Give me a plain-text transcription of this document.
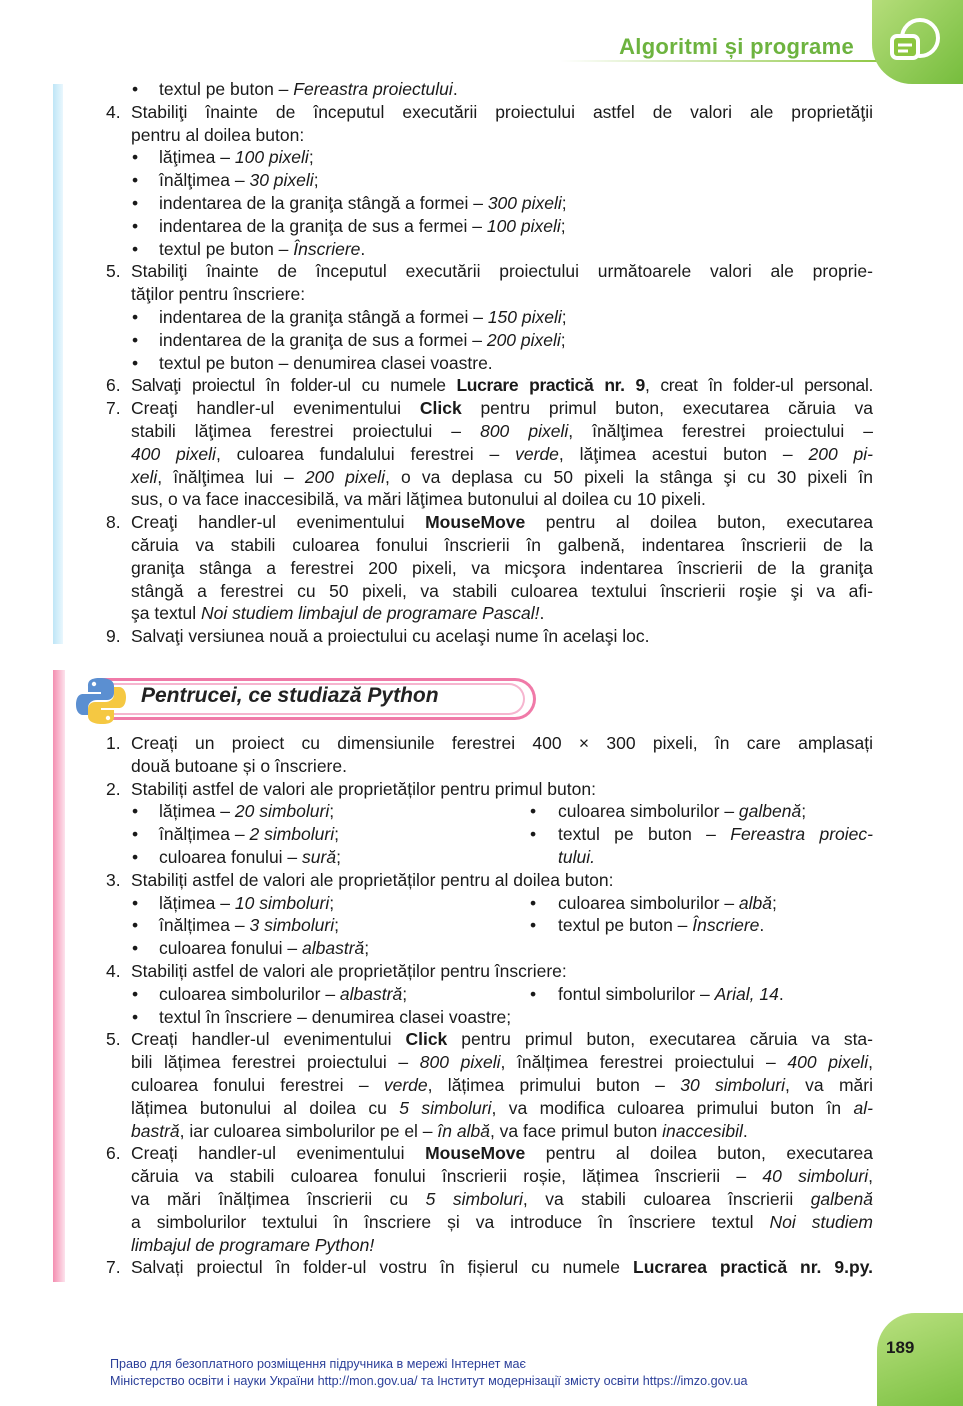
Algoritmi și programe
• textul pe buton – Fereastra proiectului.
4. Stabiliţi înainte de începutul executării proiectului astfel de valori ale proprietăţii
pentru al doilea buton:
• lăţimea – 100 pixeli;
• înălţimea – 30 pixeli;
• indentarea de la graniţa stângă a formei – 300 pixeli;
• indentarea de la graniţa de sus a fermei – 100 pixeli;
• textul pe buton – Înscriere.
5. Stabiliţi înainte de începutul executării proiectului următoarele valori ale proprie-
tăţilor pentru înscriere:
• indentarea de la graniţa stângă a formei – 150 pixeli;
• indentarea de la graniţa de sus a formei – 200 pixeli;
• textul pe buton – denumirea clasei voastre.
6. Salvaţi proiectul în folder-ul cu numele Lucrare practică nr. 9, creat în folder-ul personal.
7. Creaţi handler-ul evenimentului Click pentru primul buton, executarea căruia va
stabili lăţimea ferestrei proiectului – 800 pixeli, înălţimea ferestrei proiectului –
400 pixeli, culoarea fundalului ferestrei – verde, lăţimea acestui buton – 200 pi-
xeli, înălţimea lui – 200 pixeli, o va deplasa cu 50 pixeli la stânga şi cu 30 pixeli în
sus, o va face inaccesibilă, va mări lăţimea butonului al doilea cu 10 pixeli.
8. Creaţi handler-ul evenimentului MouseMove pentru al doilea buton, executarea
căruia va stabili culoarea fonului înscrierii în galbenă, indentarea înscrierii de la
graniţa stânga a ferestrei 200 pixeli, va micşora indentarea înscrierii de la graniţa
stângă a ferestrei cu 50 pixeli, va stabili culoarea textului înscrierii roşie şi va afi-
şa textul Noi studiem limbajul de programare Pascal!.
9. Salvaţi versiunea nouă a proiectului cu acelaşi nume în acelaşi loc.
Pentrucei, ce studiază Python
1. Creați un proiect cu dimensiunile ferestrei 400 × 300 pixeli, în care amplasați
două butoane și o înscriere.
2. Stabiliți astfel de valori ale proprietăților pentru primul buton:
• lățimea – 20 simboluri;	• culoarea simbolurilor – galbenă;
• înălțimea – 2 simboluri;	• textul pe buton – Fereastra proiec-
• culoarea fonului – sură;	tului.
3. Stabiliți astfel de valori ale proprietăților pentru al doilea buton:
• lățimea – 10 simboluri;	• culoarea simbolurilor – albă;
• înălțimea – 3 simboluri;	• textul pe buton – Înscriere.
• culoarea fonului – albastră;
4. Stabiliți astfel de valori ale proprietăților pentru înscriere:
• culoarea simbolurilor – albastră;	• fontul simbolurilor – Arial, 14.
• textul în înscriere – denumirea clasei voastre;
5. Creați handler-ul evenimentului Click pentru primul buton, executarea căruia va sta-
bili lățimea ferestrei proiectului – 800 pixeli, înălțimea ferestrei proiectului – 400 pixeli,
culoarea fonului ferestrei – verde, lățimea primului buton – 30 simboluri, va mări
lățimea butonului al doilea cu 5 simboluri, va modifica culoarea primului buton în al-
bastră, iar culoarea simbolurilor pe el – în albă, va face primul buton inaccesibil.
6. Creați handler-ul evenimentului MouseMove pentru al doilea buton, executarea
căruia va stabili culoarea fonului înscrierii roșie, lățimea înscrierii – 40 simboluri,
va mări înălțimea înscrierii cu 5 simboluri, va stabili culoarea înscrierii galbenă
a simbolurilor textului în înscriere și va introduce în înscriere textul Noi studiem
limbajul de programare Python!
7. Salvați proiectul în folder-ul vostru în fișierul cu numele Lucrarea practică nr. 9.py.
189
Право для безоплатного розміщення підручника в мережі Інтернет має
Міністерство освіти і науки України http://mon.gov.ua/ та Інститут модернізації змісту освіти https://imzo.gov.ua
